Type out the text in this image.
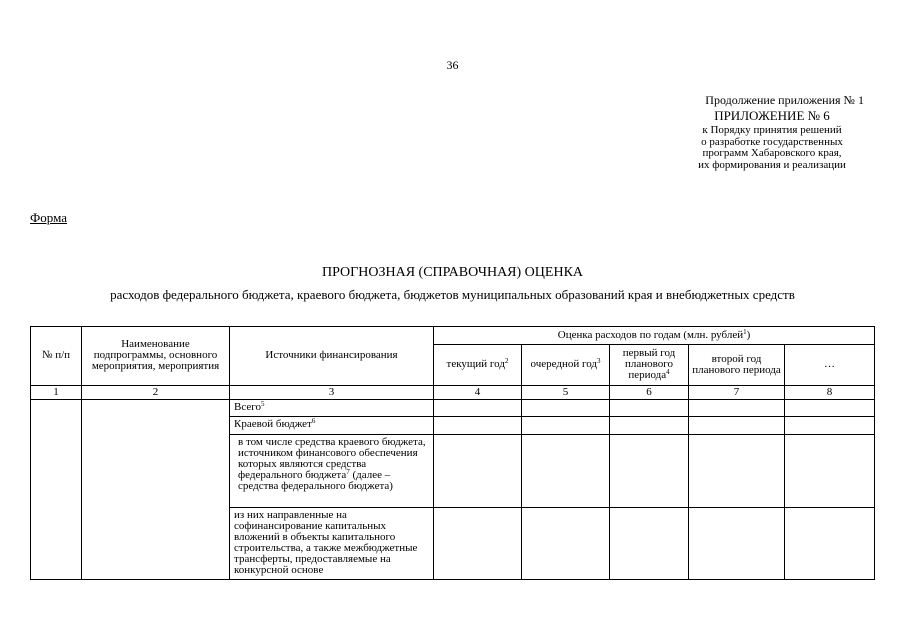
36
Продолжение приложения № 1
ПРИЛОЖЕНИЕ № 6
к Порядку принятия решений
о разработке государственных
программ Хабаровского края,
их формирования и реализации
Форма
ПРОГНОЗНАЯ (СПРАВОЧНАЯ) ОЦЕНКА
расходов федерального бюджета, краевого бюджета, бюджетов муниципальных образований края и внебюджетных средств
№ п/п	Наименование подпрограммы, основного мероприятия, мероприятия	Источники финансирования	Оценка расходов по годам (млн. рублей$^1$)				
			текущий год$^2$	очередной год$^3$	первый год планового периода$^4$	второй год планового периода	…
1	2	3	4	5	6	7	8
		Всего$^5$					
		Краевой бюджет$^6$					
		в том числе средства краевого бюджета, источником финансового обеспечения которых являются средства федерального бюджета$^7$ (далее – средства федерального бюджета)					
		из них направленные на софинансирование капитальных вложений в объекты капитального строительства, а также межбюджетные трансферты, предоставляемые на конкурсной основе					
